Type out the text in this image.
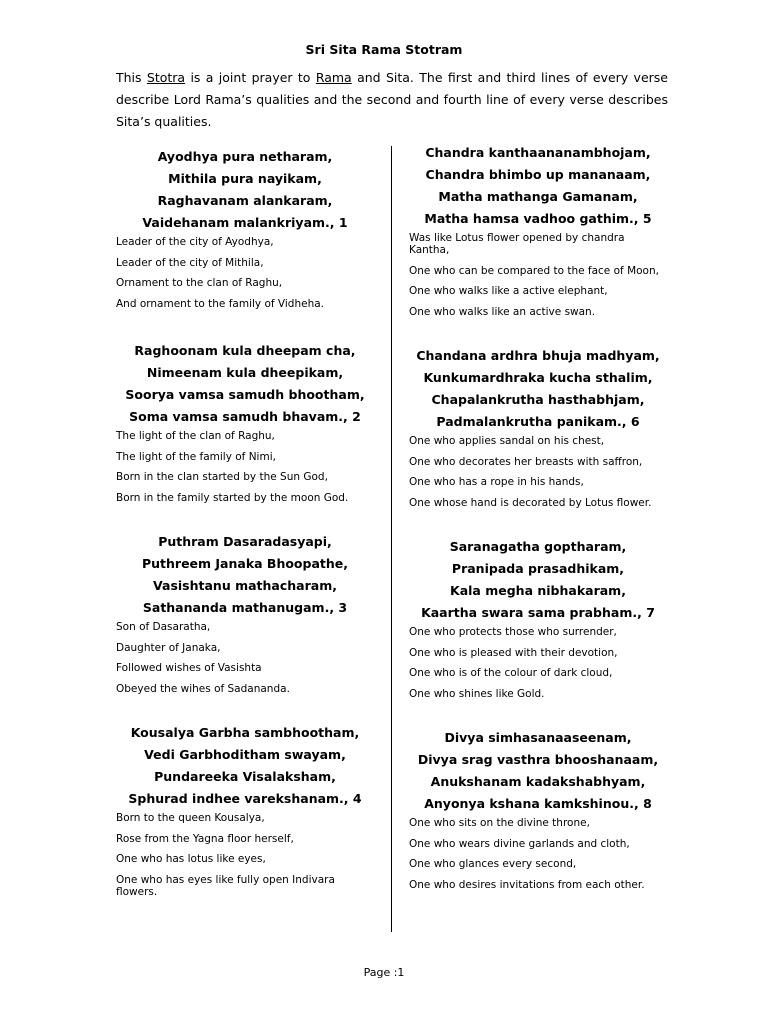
Sri Sita Rama Stotram
This Stotra is a joint prayer to Rama and Sita. The first and third lines of every verse describe Lord Rama’s qualities and the second and fourth line of every verse describes Sita’s qualities.
Ayodhya pura netharam,
Mithila pura nayikam,
Raghavanam alankaram,
Vaidehanam malankriyam., 1
Leader of the city of Ayodhya,
Leader of the city of Mithila,
Ornament to the clan of Raghu,
And ornament to the family of Vidheha.
Raghoonam kula dheepam cha,
Nimeenam kula dheepikam,
Soorya vamsa samudh bhootham,
Soma vamsa samudh bhavam., 2
The light of the clan of Raghu,
The light of the family of Nimi,
Born in the clan started by the Sun God,
Born in the family started by the moon God.
Puthram Dasaradasyapi,
Puthreem Janaka Bhoopathe,
Vasishtanu mathacharam,
Sathananda mathanugam., 3
Son of Dasaratha,
Daughter of Janaka,
Followed wishes of Vasishta
Obeyed the wihes of Sadananda.
Kousalya Garbha sambhootham,
Vedi Garbhoditham swayam,
Pundareeka Visalaksham,
Sphurad indhee varekshanam., 4
Born to the queen Kousalya,
Rose from the Yagna floor herself,
One who has lotus like eyes,
One who has eyes like fully open Indivara flowers.
Chandra kanthaananambhojam,
Chandra bhimbo up mananaam,
Matha mathanga Gamanam,
Matha hamsa vadhoo gathim., 5
Was like Lotus flower opened by chandra Kantha,
One who can be compared to the face of Moon,
One who walks like a active elephant,
One who walks like an active swan.
Chandana ardhra bhuja madhyam,
Kunkumardhraka kucha sthalim,
Chapalankrutha hasthabhjam,
Padmalankrutha panikam., 6
One who applies sandal on his chest,
One who decorates her breasts with saffron,
One who has a rope in his hands,
One whose hand is decorated by Lotus flower.
Saranagatha goptharam,
Pranipada prasadhikam,
Kala megha nibhakaram,
Kaartha swara sama prabham., 7
One who protects those who surrender,
One who is pleased with their devotion,
One who is of the colour of dark cloud,
One who shines like Gold.
Divya simhasanaaseenam,
Divya srag vasthra bhooshanaam,
Anukshanam kadakshabhyam,
Anyonya kshana kamkshinou., 8
One who sits on the divine throne,
One who wears divine garlands and cloth,
One who glances every second,
One who desires invitations from each other.
Page :1
